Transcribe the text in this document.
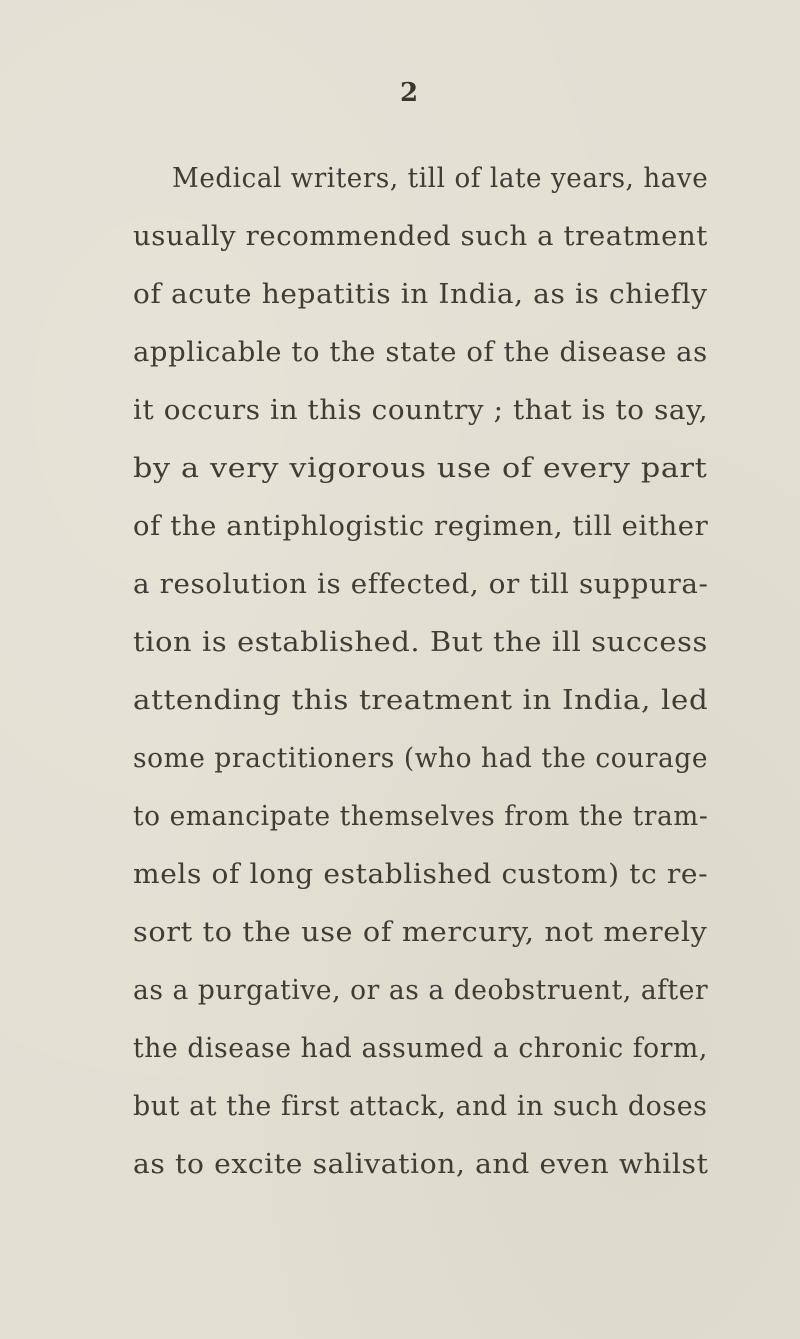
2
Medical writers, till of late years, have
usually recommended such a treatment
of acute hepatitis in India, as is chiefly
applicable to the state of the disease as
it occurs in this country ; that is to say,
by a very vigorous use of every part
of the antiphlogistic regimen, till either
a resolution is effected, or till suppura-
tion is established. But the ill success
attending this treatment in India, led
some practitioners (who had the courage
to emancipate themselves from the tram-
mels of long established custom) tc re-
sort to the use of mercury, not merely
as a purgative, or as a deobstruent, after
the disease had assumed a chronic form,
but at the first attack, and in such doses
as to excite salivation, and even whilst
